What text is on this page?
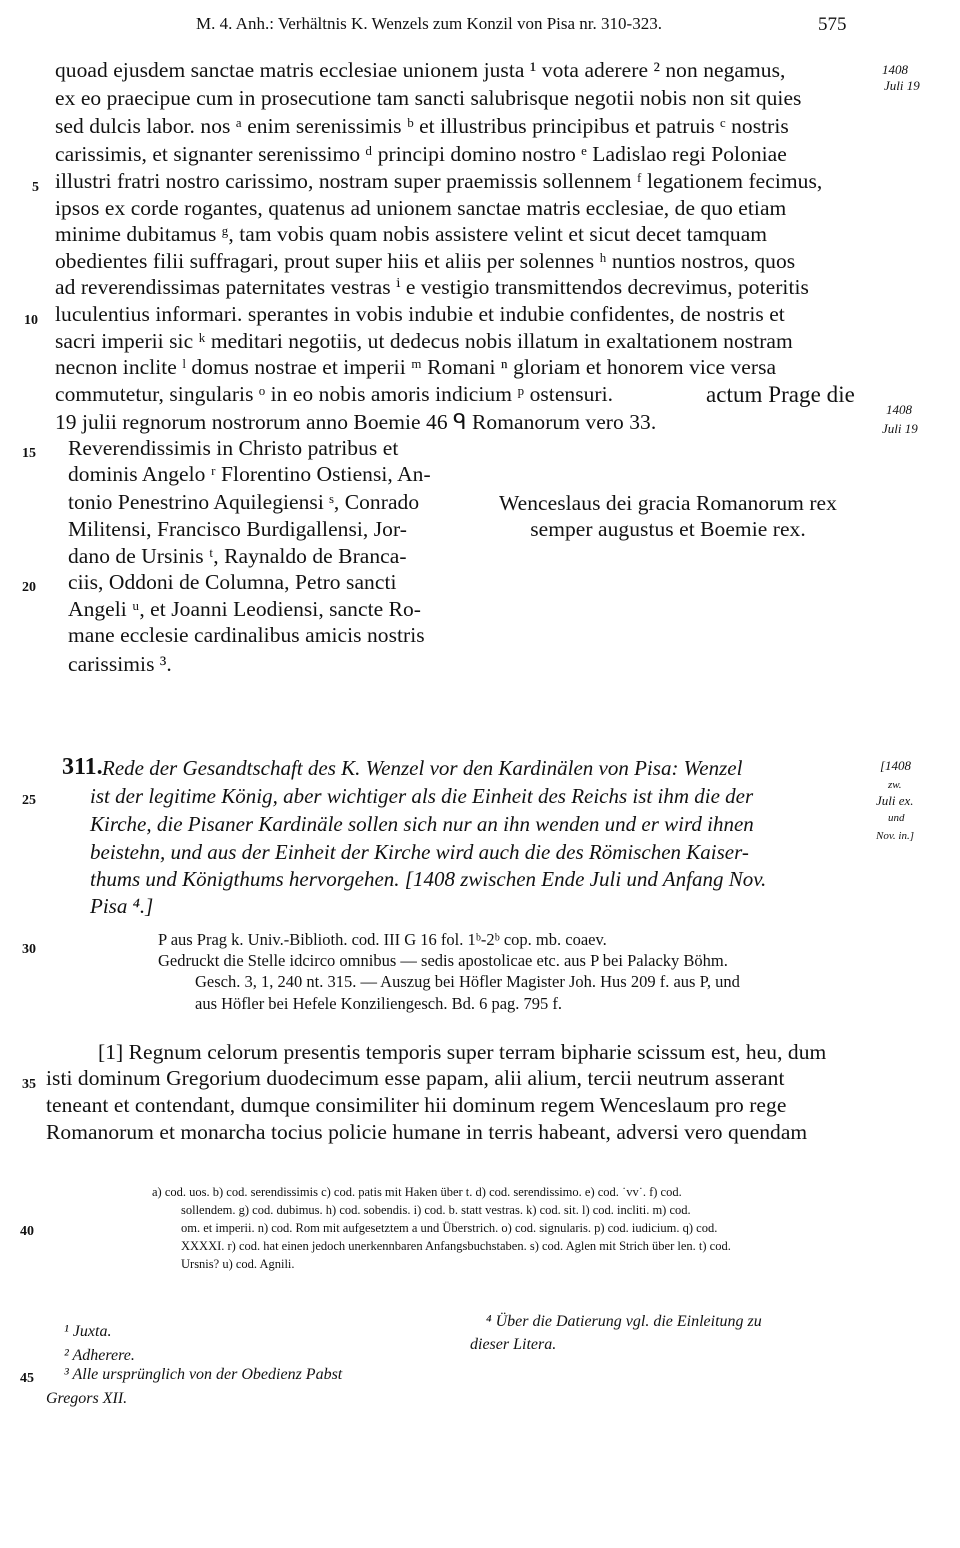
M. 4. Anh.: Verhältnis K. Wenzels zum Konzil von Pisa nr. 310-323.	575
1408
Juli 19
1408
Juli 19
[1408
zw.
Juli ex.
und
Nov. in.]
5
10
15
20
25
30
35
40
45
quoad ejusdem sanctae matris ecclesiae unionem justa ¹ vota aderere ² non negamus,
ex eo praecipue cum in prosecutione tam sancti salubrisque negotii nobis non sit quies
sed dulcis labor. nos ᵃ enim serenissimis ᵇ et illustribus principibus et patruis ᶜ nostris
carissimis, et signanter serenissimo ᵈ principi domino nostro ᵉ Ladislao regi Poloniae
illustri fratri nostro carissimo, nostram super praemissis sollennem ᶠ legationem fecimus,
ipsos ex corde rogantes, quatenus ad unionem sanctae matris ecclesiae, de quo etiam
minime dubitamus ᵍ, tam vobis quam nobis assistere velint et sicut decet tamquam
obedientes filii suffragari, prout super hiis et aliis per solennes ʰ nuntios nostros, quos
ad reverendissimas paternitates vestras ⁱ e vestigio transmittendos decrevimus, poteritis
luculentius informari. sperantes in vobis indubie et indubie confidentes, de nostris et
sacri imperii sic ᵏ meditari negotiis, ut dedecus nobis illatum in exaltationem nostram
necnon inclite ˡ domus nostrae et imperii ᵐ Romani ⁿ gloriam et honorem vice versa
commutetur, singularis ᵒ in eo nobis amoris indicium ᵖ ostensuri.	actum Prage die
19 julii regnorum nostrorum anno Boemie 46 ᑫ Romanorum vero 33.
Reverendissimis in Christo patribus et
dominis Angelo ʳ Florentino Ostiensi, An-
tonio Penestrino Aquilegiensi ˢ, Conrado
Militensi, Francisco Burdigallensi, Jor-
dano de Ursinis ᵗ, Raynaldo de Branca-
ciis, Oddoni de Columna, Petro sancti
Angeli ᵘ, et Joanni Leodiensi, sancte Ro-
mane ecclesie cardinalibus amicis nostris
carissimis ³.
Wenceslaus dei gracia Romanorum rex
semper augustus et Boemie rex.
311. Rede der Gesandtschaft des K. Wenzel vor den Kardinälen von Pisa: Wenzel
ist der legitime König, aber wichtiger als die Einheit des Reichs ist ihm die der
Kirche, die Pisaner Kardinäle sollen sich nur an ihn wenden und er wird ihnen
beistehn, und aus der Einheit der Kirche wird auch die des Römischen Kaiser-
thums und Königthums hervorgehen. [1408 zwischen Ende Juli und Anfang Nov.
Pisa ⁴.]
P aus Prag k. Univ.-Biblioth. cod. III G 16 fol. 1ᵇ-2ᵇ cop. mb. coaev.
Gedruckt die Stelle idcirco omnibus — sedis apostolicae etc. aus P bei Palacky Böhm.
Gesch. 3, 1, 240 nt. 315. — Auszug bei Höfler Magister Joh. Hus 209 f. aus P, und
aus Höfler bei Hefele Konziliengesch. Bd. 6 pag. 795 f.
[1] Regnum celorum presentis temporis super terram bipharie scissum est, heu, dum
isti dominum Gregorium duodecimum esse papam, alii alium, tercii neutrum asserant
teneant et contendant, dumque consimiliter hii dominum regem Wenceslaum pro rege
Romanorum et monarcha tocius policie humane in terris habeant, adversi vero quendam
a) cod. uos. b) cod. serendissimis c) cod. patis mit Haken über t. d) cod. serendissimo. e) cod. ˙vv˙. f) cod.
sollendem. g) cod. dubimus. h) cod. sobendis. i) cod. b. statt vestras. k) cod. sit. l) cod. incliti. m) cod.
om. et imperii. n) cod. Rom mit aufgesetztem a und Überstrich. o) cod. signularis. p) cod. iudicium. q) cod.
XXXXI. r) cod. hat einen jedoch unerkennbaren Anfangsbuchstaben. s) cod. Aglen mit Strich über len. t) cod.
Ursnis? u) cod. Agnili.
¹ Juxta.
² Adherere.
³ Alle ursprünglich von der Obedienz Pabst
Gregors XII.
⁴ Über die Datierung vgl. die Einleitung zu
dieser Litera.
